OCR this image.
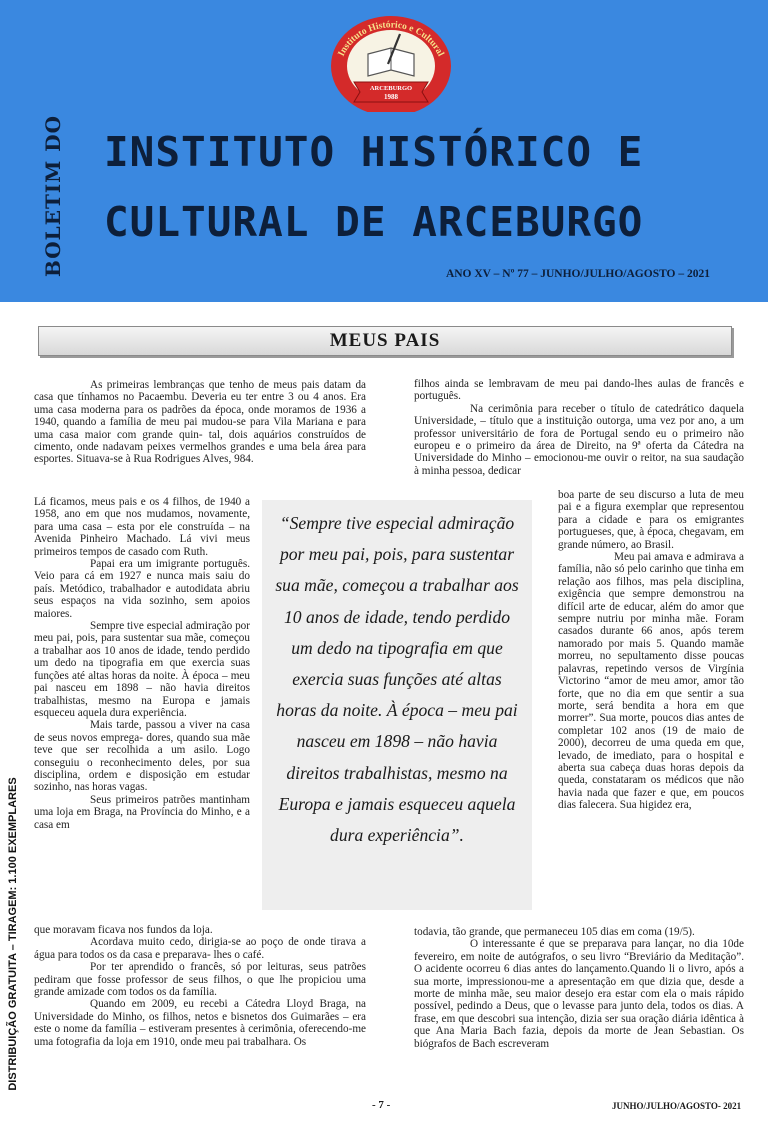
Instituto Histórico e Cultural
ARCEBURGO
1988
BOLETIM DO INSTITUTO HISTÓRICO E
CULTURAL DE ARCEBURGO
ANO XV – Nº 77 – JUNHO/JULHO/AGOSTO – 2021
DISTRIBUIÇÃO GRATUITA – TIRAGEM: 1.100 EXEMPLARES
MEUS PAIS

As primeiras lembranças que tenho de meus pais datam da casa que tínhamos no Pacaembu. Deveria eu ter entre 3 ou 4 anos. Era uma casa moderna para os padrões da época, onde moramos de 1936 a 1940, quando a família de meu pai mudou-se para Vila Mariana e para uma casa maior com grande quin- tal, dois aquários construídos de cimento, onde nadavam peixes vermelhos grandes e uma bela área para esportes. Situava-se à Rua Rodrigues Alves, 984.

Lá ficamos, meus pais e os 4 filhos, de 1940 a 1958, ano em que nos mudamos, novamente, para uma casa – esta por ele construída – na Avenida Pinheiro Machado. Lá vivi meus primeiros tempos de casado com Ruth.

Papai era um imigrante português. Veio para cá em 1927 e nunca mais saiu do país. Metódico, trabalhador e autodidata abriu seus espaços na vida sozinho, sem apoios maiores.

Sempre tive especial admiração por meu pai, pois, para sustentar sua mãe, começou a trabalhar aos 10 anos de idade, tendo perdido um dedo na tipografia em que exercia suas funções até altas horas da noite. À época – meu pai nasceu em 1898 – não havia direitos trabalhistas, mesmo na Europa e jamais esqueceu aquela dura experiência.

Mais tarde, passou a viver na casa de seus novos emprega- dores, quando sua mãe teve que ser recolhida a um asilo. Logo conseguiu o reconhecimento deles, por sua disciplina, ordem e disposição em estudar sozinho, nas horas vagas.

Seus primeiros patrões mantinham uma loja em Braga, na Província do Minho, e a casa em

que moravam ficava nos fundos da loja.

Acordava muito cedo, dirigia-se ao poço de onde tirava a água para todos os da casa e preparava- lhes o café.

Por ter aprendido o francês, só por leituras, seus patrões pediram que fosse professor de seus filhos, o que lhe propiciou uma grande amizade com todos os da família.

Quando em 2009, eu recebi a Cátedra Lloyd Braga, na Universidade do Minho, os filhos, netos e bisnetos dos Guimarães – era este o nome da família – estiveram presentes à cerimônia, oferecendo-me uma fotografia da loja em 1910, onde meu pai trabalhara. Os

filhos ainda se lembravam de meu pai dando-lhes aulas de francês e português.

Na cerimônia para receber o título de catedrático daquela Universidade, – título que a instituição outorga, uma vez por ano, a um professor universitário de fora de Portugal sendo eu o primeiro não europeu e o primeiro da área de Direito, na 9ª oferta da Cátedra na Universidade do Minho – emocionou-me ouvir o reitor, na sua saudação à minha pessoa, dedicar

boa parte de seu discurso a luta de meu pai e a figura exemplar que representou para a cidade e para os emigrantes portugueses, que, à época, chegavam, em grande número, ao Brasil.

Meu pai amava e admirava a família, não só pelo carinho que tinha em relação aos filhos, mas pela disciplina, exigência que sempre demonstrou na difícil arte de educar, além do amor que sempre nutriu por minha mãe. Foram casados durante 66 anos, após terem namorado por mais 5. Quando mamãe morreu, no sepultamento disse poucas palavras, repetindo versos de Virgínia Victorino “amor de meu amor, amor tão forte, que no dia em que sentir a sua morte, será bendita a hora em que morrer”. Sua morte, poucos dias antes de completar 102 anos (19 de maio de 2000), decorreu de uma queda em que, levado, de imediato, para o hospital e aberta sua cabeça duas horas depois da queda, constataram os médicos que não havia nada que fazer e que, em poucos dias falecera. Sua higidez era,

todavia, tão grande, que permaneceu 105 dias em coma (19/5).

O interessante é que se preparava para lançar, no dia 10de fevereiro, em noite de autógrafos, o seu livro “Breviário da Meditação”. O acidente ocorreu 6 dias antes do lançamento.Quando li o livro, após a sua morte, impressionou-me a apresentação em que dizia que, desde a morte de minha mãe, seu maior desejo era estar com ela o mais rápido possível, pedindo a Deus, que o levasse para junto dela, todos os dias. A frase, em que descobri sua intenção, dizia ser sua oração diária idêntica à que Ana Maria Bach fazia, depois da morte de Jean Sebastian. Os biógrafos de Bach escreveram

“Sempre tive especial admiração por meu pai, pois, para sustentar sua mãe, começou a trabalhar aos 10 anos de idade, tendo perdido um dedo na tipografia em que exercia suas funções até altas horas da noite. À época – meu pai nasceu em 1898 – não havia direitos trabalhistas, mesmo na Europa e jamais esqueceu aquela dura experiência”.
- 7 -	JUNHO/JULHO/AGOSTO- 2021
